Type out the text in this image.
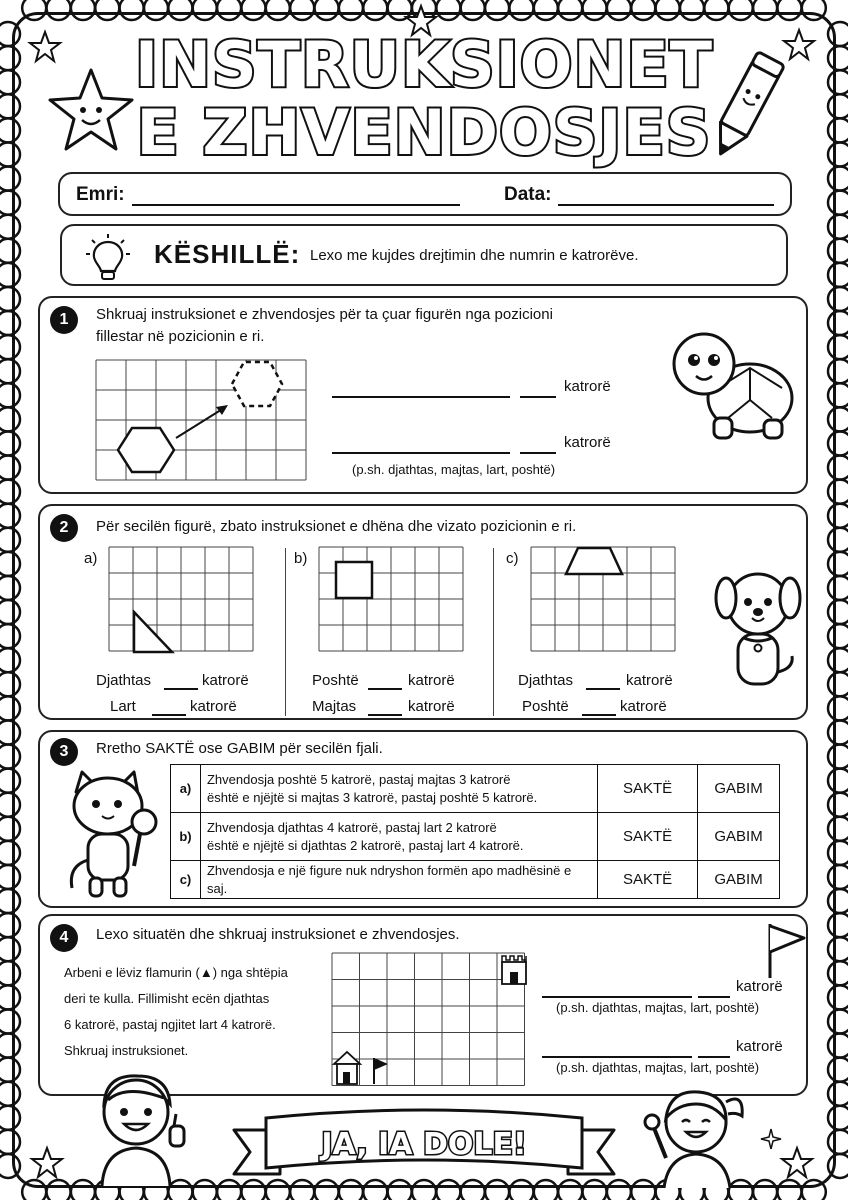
INSTRUKSIONET
E ZHVENDOSJES
Emri:	Data:
KËSHILLË: Lexo me kujdes drejtimin dhe numrin e katrorëve.
1	Shkruaj instruksionet e zhvendosjes për ta çuar figurën nga pozicioni
fillestar në pozicionin e ri.
katrorë
katrorë
(p.sh. djathtas, majtas, lart, poshtë)
2	Për secilën figurë, zbato instruksionet e dhëna dhe vizato pozicionin e ri.
a)
Djathtas	katrorë
Lart	katrorë
b)
Poshtë	katrorë
Majtas	katrorë
c)
Djathtas	katrorë
Poshtë	katrorë
3	Rretho SAKTË ose GABIM për secilën fjali.
a)	Zhvendosja poshtë 5 katrorë, pastaj majtas 3 katrorë
është e njëjtë si majtas 3 katrorë, pastaj poshtë 5 katrorë.	SAKTË	GABIM
b)	Zhvendosja djathtas 4 katrorë, pastaj lart 2 katrorë
është e njëjtë si djathtas 2 katrorë, pastaj lart 4 katrorë.	SAKTË	GABIM
c)	Zhvendosja e një figure nuk ndryshon formën apo madhësinë e saj.	SAKTË	GABIM
4	Lexo situatën dhe shkruaj instruksionet e zhvendosjes.
Arbeni e lëviz flamurin (▲) nga shtëpia
deri te kulla. Fillimisht ecën djathtas
6 katrorë, pastaj ngjitet lart 4 katrorë.
Shkruaj instruksionet.
katrorë
(p.sh. djathtas, majtas, lart, poshtë)
katrorë
(p.sh. djathtas, majtas, lart, poshtë)
JA, IA DOLE!
